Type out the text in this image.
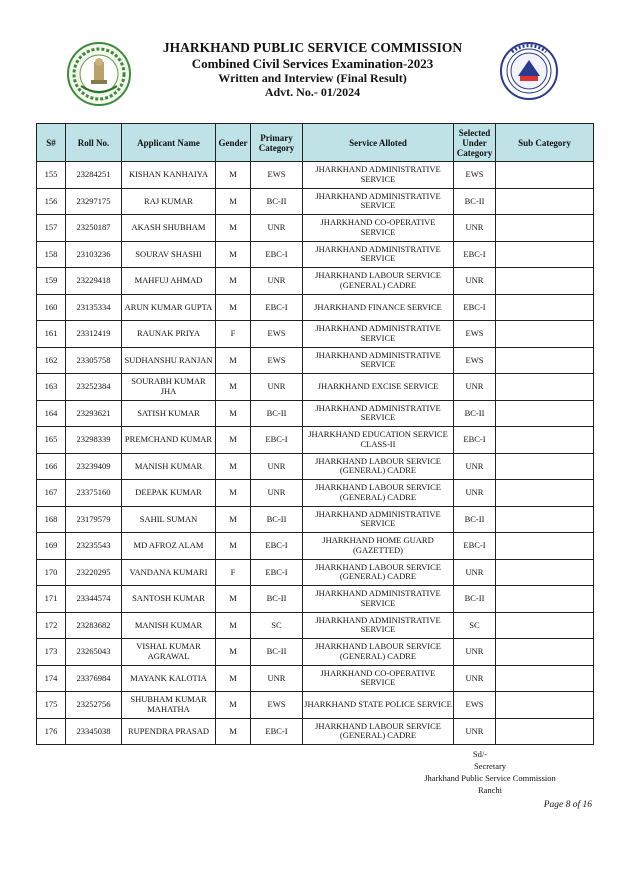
JHARKHAND PUBLIC SERVICE COMMISSION
Combined Civil Services Examination-2023
Written and Interview (Final Result)
Advt. No.- 01/2024
S#	Roll No.	Applicant Name	Gender	Primary Category	Service Alloted	Selected Under Category	Sub Category
155	23284251	KISHAN KANHAIYA	M	EWS	JHARKHAND ADMINISTRATIVE SERVICE	EWS	
156	23297175	RAJ KUMAR	M	BC-II	JHARKHAND ADMINISTRATIVE SERVICE	BC-II	
157	23250187	AKASH SHUBHAM	M	UNR	JHARKHAND CO-OPERATIVE SERVICE	UNR	
158	23103236	SOURAV SHASHI	M	EBC-I	JHARKHAND ADMINISTRATIVE SERVICE	EBC-I	
159	23229418	MAHFUJ AHMAD	M	UNR	JHARKHAND LABOUR SERVICE (GENERAL) CADRE	UNR	
160	23135334	ARUN KUMAR GUPTA	M	EBC-I	JHARKHAND FINANCE SERVICE	EBC-I	
161	23312419	RAUNAK PRIYA	F	EWS	JHARKHAND ADMINISTRATIVE SERVICE	EWS	
162	23305758	SUDHANSHU RANJAN	M	EWS	JHARKHAND ADMINISTRATIVE SERVICE	EWS	
163	23252384	SOURABH KUMAR JHA	M	UNR	JHARKHAND EXCISE SERVICE	UNR	
164	23293621	SATISH KUMAR	M	BC-II	JHARKHAND ADMINISTRATIVE SERVICE	BC-II	
165	23298339	PREMCHAND KUMAR	M	EBC-I	JHARKHAND EDUCATION SERVICE CLASS-II	EBC-I	
166	23239409	MANISH KUMAR	M	UNR	JHARKHAND LABOUR SERVICE (GENERAL) CADRE	UNR	
167	23375160	DEEPAK KUMAR	M	UNR	JHARKHAND LABOUR SERVICE (GENERAL) CADRE	UNR	
168	23179579	SAHIL SUMAN	M	BC-II	JHARKHAND ADMINISTRATIVE SERVICE	BC-II	
169	23235543	MD AFROZ ALAM	M	EBC-I	JHARKHAND HOME GUARD (GAZETTED)	EBC-I	
170	23220295	VANDANA KUMARI	F	EBC-I	JHARKHAND LABOUR SERVICE (GENERAL) CADRE	UNR	
171	23344574	SANTOSH KUMAR	M	BC-II	JHARKHAND ADMINISTRATIVE SERVICE	BC-II	
172	23283682	MANISH KUMAR	M	SC	JHARKHAND ADMINISTRATIVE SERVICE	SC	
173	23265043	VISHAL KUMAR AGRAWAL	M	BC-II	JHARKHAND LABOUR SERVICE (GENERAL) CADRE	UNR	
174	23376984	MAYANK KALOTIA	M	UNR	JHARKHAND CO-OPERATIVE SERVICE	UNR	
175	23252756	SHUBHAM KUMAR MAHATHA	M	EWS	JHARKHAND STATE POLICE SERVICE	EWS	
176	23345038	RUPENDRA PRASAD	M	EBC-I	JHARKHAND LABOUR SERVICE (GENERAL) CADRE	UNR	
Sd/-
Secretary
Jharkhand Public Service Commission
Ranchi
Page 8 of 16
